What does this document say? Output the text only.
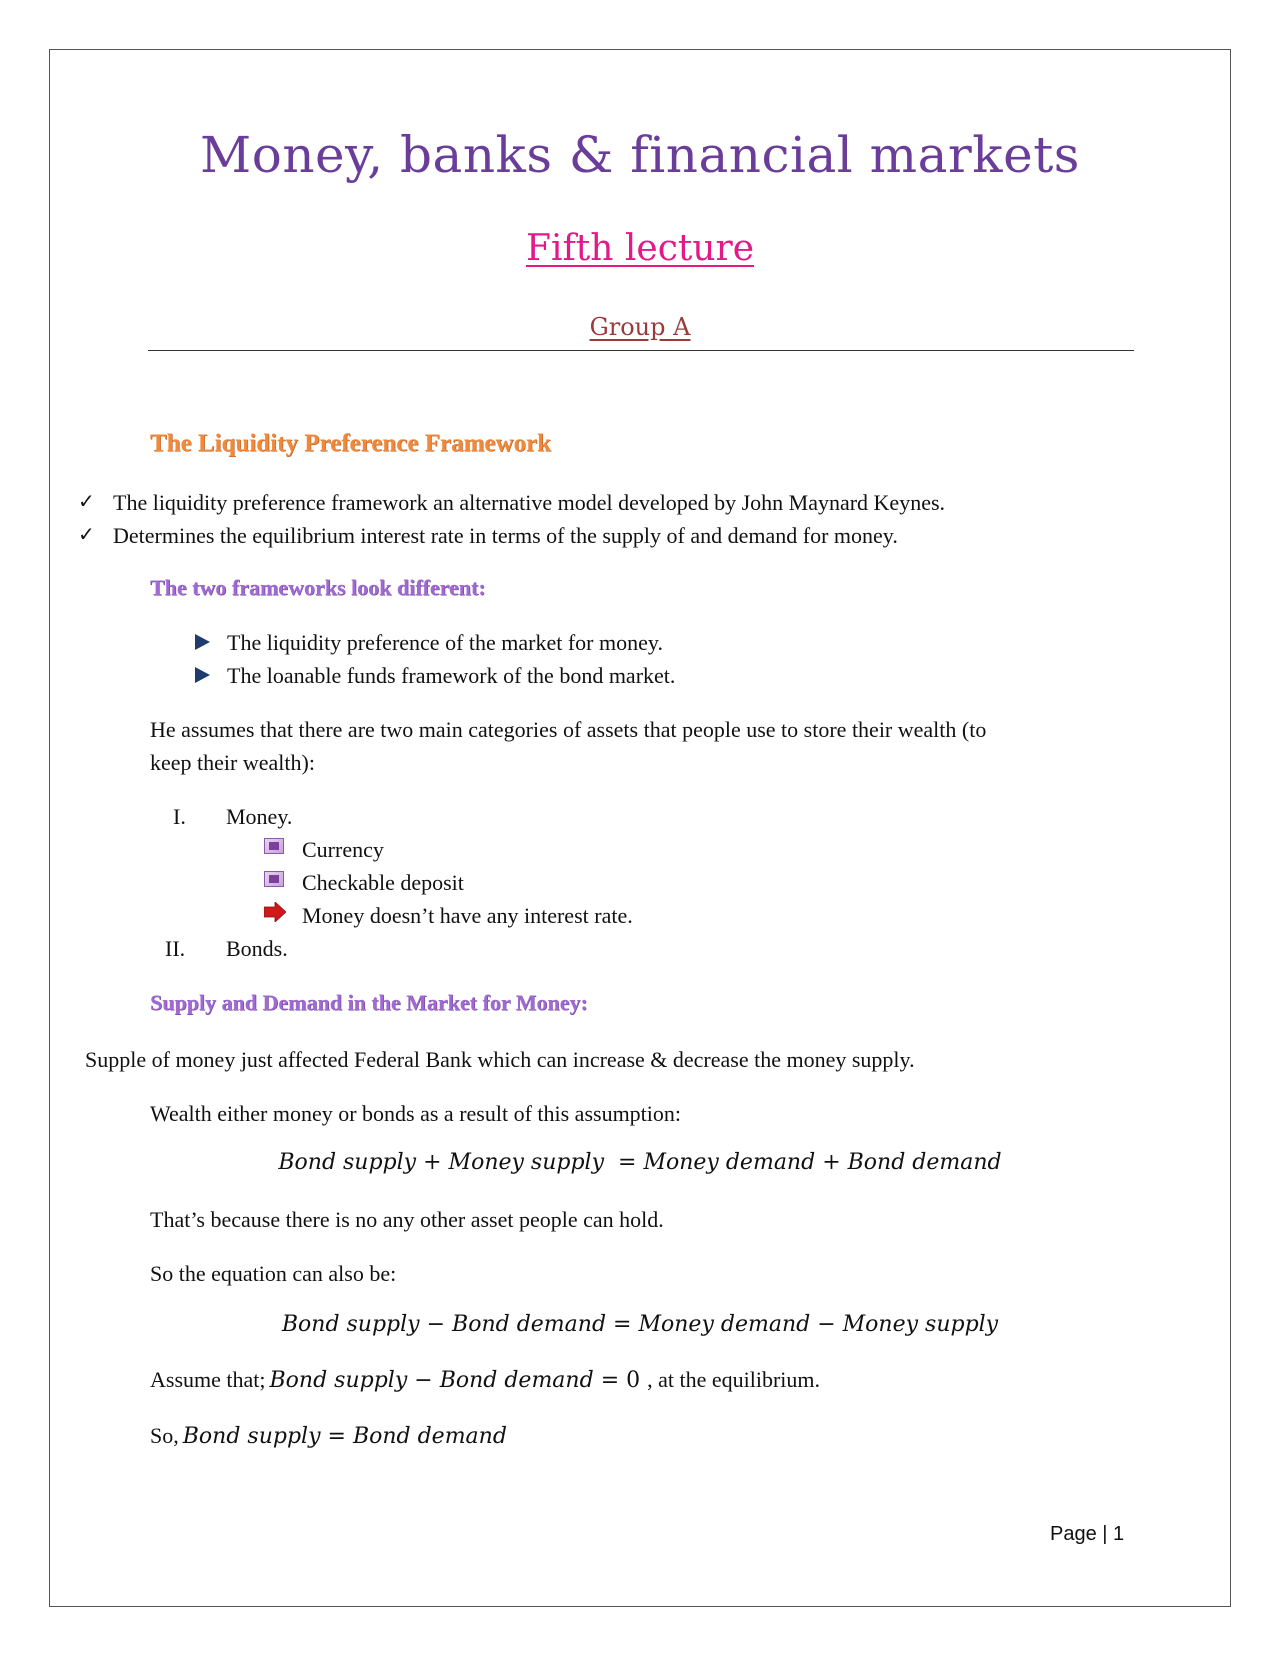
Money, banks & financial markets
Fifth lecture
Group A
The Liquidity Preference Framework
✓ The liquidity preference framework an alternative model developed by John Maynard Keynes.
✓ Determines the equilibrium interest rate in terms of the supply of and demand for money.
The two frameworks look different:
The liquidity preference of the market for money.
The loanable funds framework of the bond market.
He assumes that there are two main categories of assets that people use to store their wealth (to
keep their wealth):
I. Money.
Currency
Checkable deposit
Money doesn’t have any interest rate.
II. Bonds.
Supply and Demand in the Market for Money:
Supple of money just affected Federal Bank which can increase & decrease the money supply.
Wealth either money or bonds as a result of this assumption:
Bond supply + Money supply = Money demand + Bond demand
That’s because there is no any other asset people can hold.
So the equation can also be:
Bond supply − Bond demand = Money demand − Money supply
Assume that; Bond supply − Bond demand = 0 , at the equilibrium.
So, Bond supply = Bond demand
Page | 1
